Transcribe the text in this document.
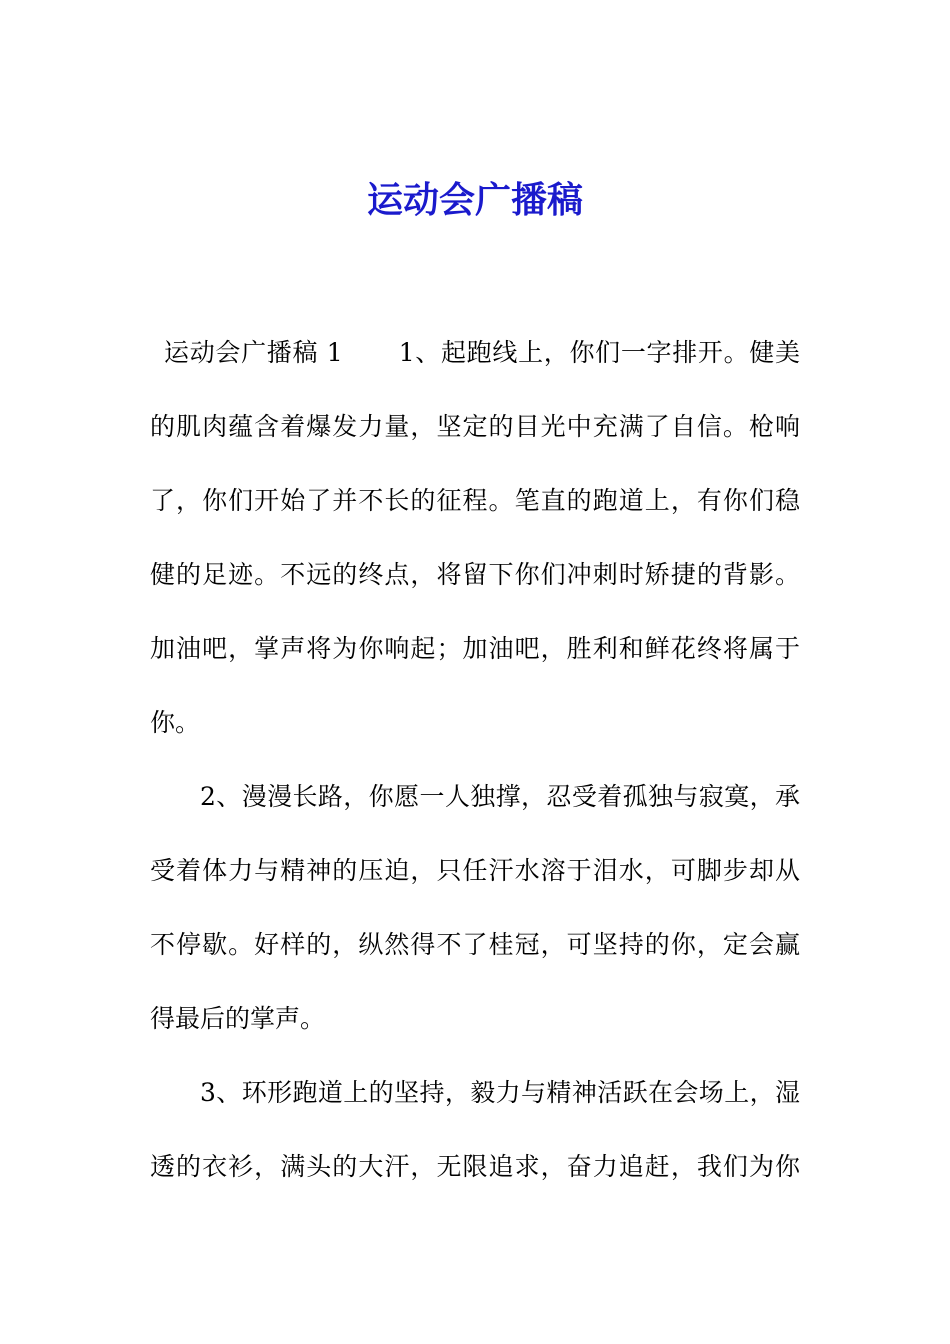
运动会广播稿
运动会广播稿 1 1、起跑线上，你们一字排开。健美
的肌肉蕴含着爆发力量，坚定的目光中充满了自信。枪响
了，你们开始了并不长的征程。笔直的跑道上，有你们稳
健的足迹。不远的终点，将留下你们冲刺时矫捷的背影。
加油吧，掌声将为你响起；加油吧，胜利和鲜花终将属于
你。
2、漫漫长路，你愿一人独撑，忍受着孤独与寂寞，承
受着体力与精神的压迫，只任汗水溶于泪水，可脚步却从
不停歇。好样的，纵然得不了桂冠，可坚持的你，定会赢
得最后的掌声。
3、环形跑道上的坚持，毅力与精神活跃在会场上，湿
透的衣衫，满头的大汗，无限追求，奋力追赶，我们为你
